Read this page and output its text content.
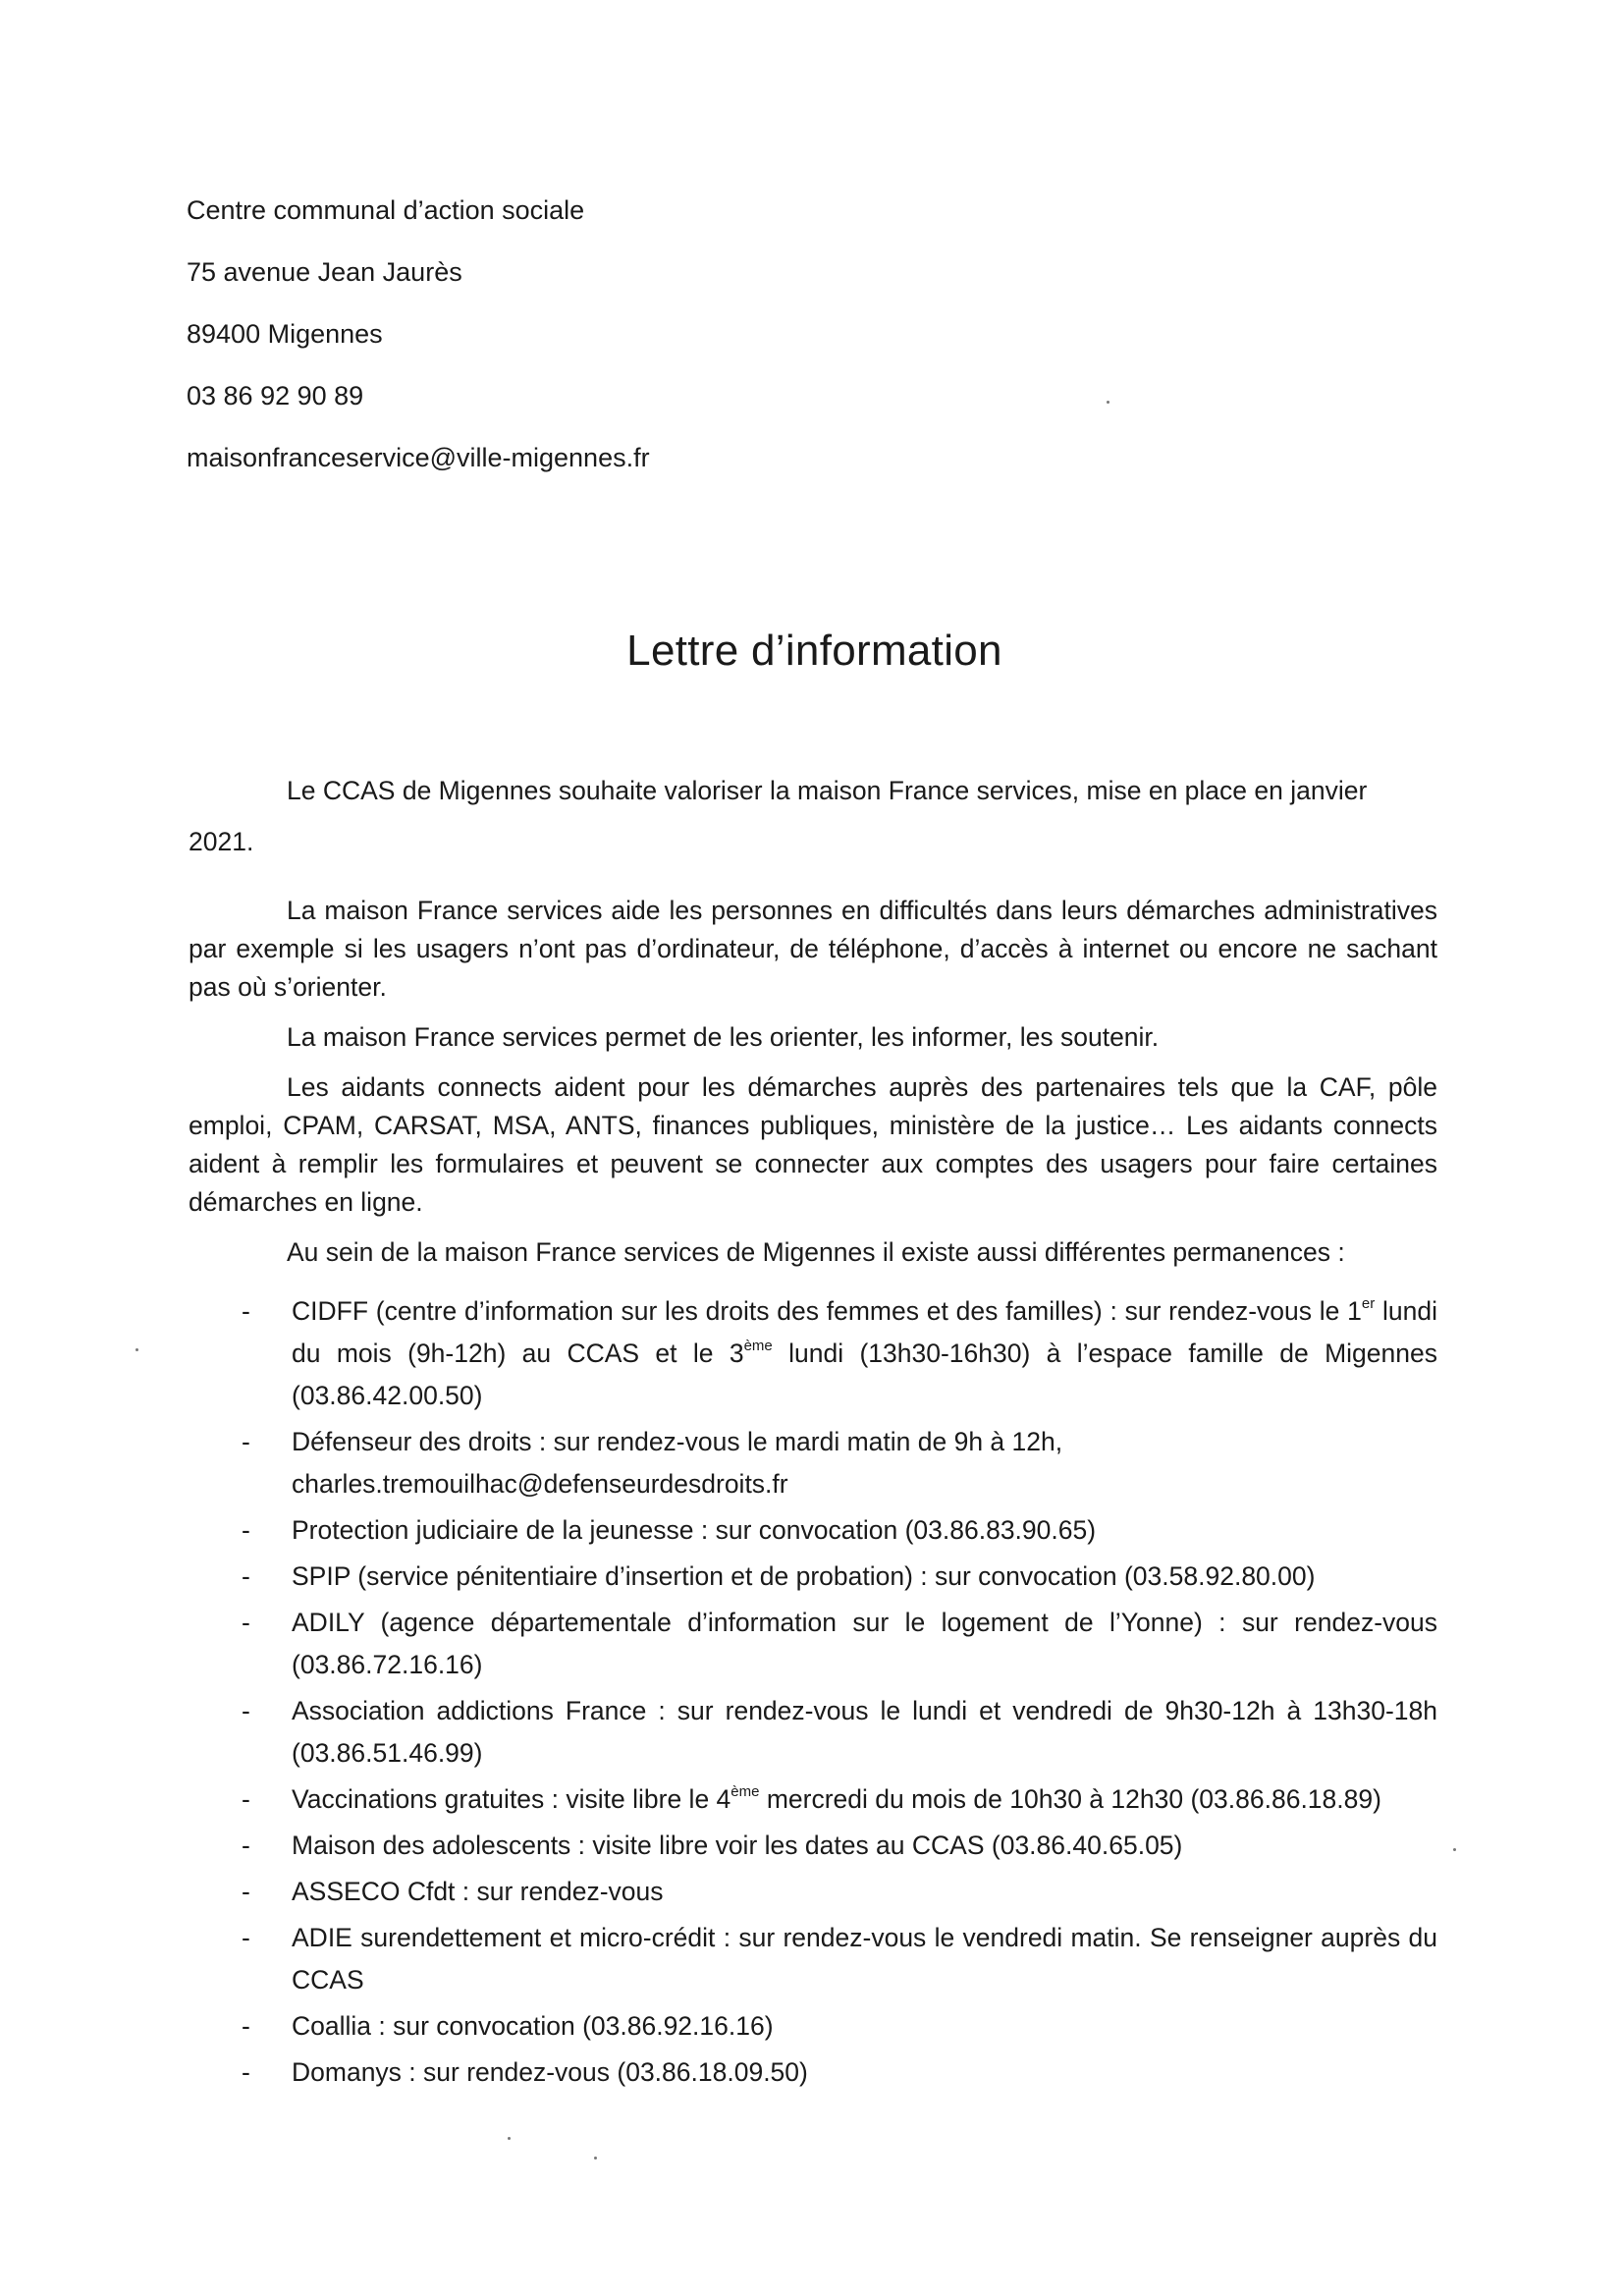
Centre communal d’action sociale
75 avenue Jean Jaurès
89400 Migennes
03 86 92 90 89
maisonfranceservice@ville-migennes.fr
Lettre d’information

Le CCAS de Migennes souhaite valoriser la maison France services, mise en place en janvier
2021.

La maison France services aide les personnes en difficultés dans leurs démarches administratives par exemple si les usagers n’ont pas d’ordinateur, de téléphone, d’accès à internet ou encore ne sachant pas où s’orienter.

La maison France services permet de les orienter, les informer, les soutenir.

Les aidants connects aident pour les démarches auprès des partenaires tels que la CAF, pôle emploi, CPAM, CARSAT, MSA, ANTS, finances publiques, ministère de la justice… Les aidants connects aident à remplir les formulaires et peuvent se connecter aux comptes des usagers pour faire certaines démarches en ligne.

Au sein de la maison France services de Migennes il existe aussi différentes permanences :

- CIDFF (centre d’information sur les droits des femmes et des familles) : sur rendez-vous le 1er lundi du mois (9h-12h) au CCAS et le 3ème lundi (13h30-16h30) à l’espace famille de Migennes (03.86.42.00.50)
- Défenseur des droits : sur rendez-vous le mardi matin de 9h à 12h,
charles.tremouilhac@defenseurdesdroits.fr
- Protection judiciaire de la jeunesse : sur convocation (03.86.83.90.65)
- SPIP (service pénitentiaire d’insertion et de probation) : sur convocation (03.58.92.80.00)
- ADILY (agence départementale d’information sur le logement de l’Yonne) : sur rendez-vous (03.86.72.16.16)
- Association addictions France : sur rendez-vous le lundi et vendredi de 9h30-12h à 13h30-18h (03.86.51.46.99)
- Vaccinations gratuites : visite libre le 4ème mercredi du mois de 10h30 à 12h30 (03.86.86.18.89)
- Maison des adolescents : visite libre voir les dates au CCAS (03.86.40.65.05)
- ASSECO Cfdt : sur rendez-vous
- ADIE surendettement et micro-crédit : sur rendez-vous le vendredi matin. Se renseigner auprès du CCAS
- Coallia : sur convocation (03.86.92.16.16)
- Domanys : sur rendez-vous (03.86.18.09.50)
